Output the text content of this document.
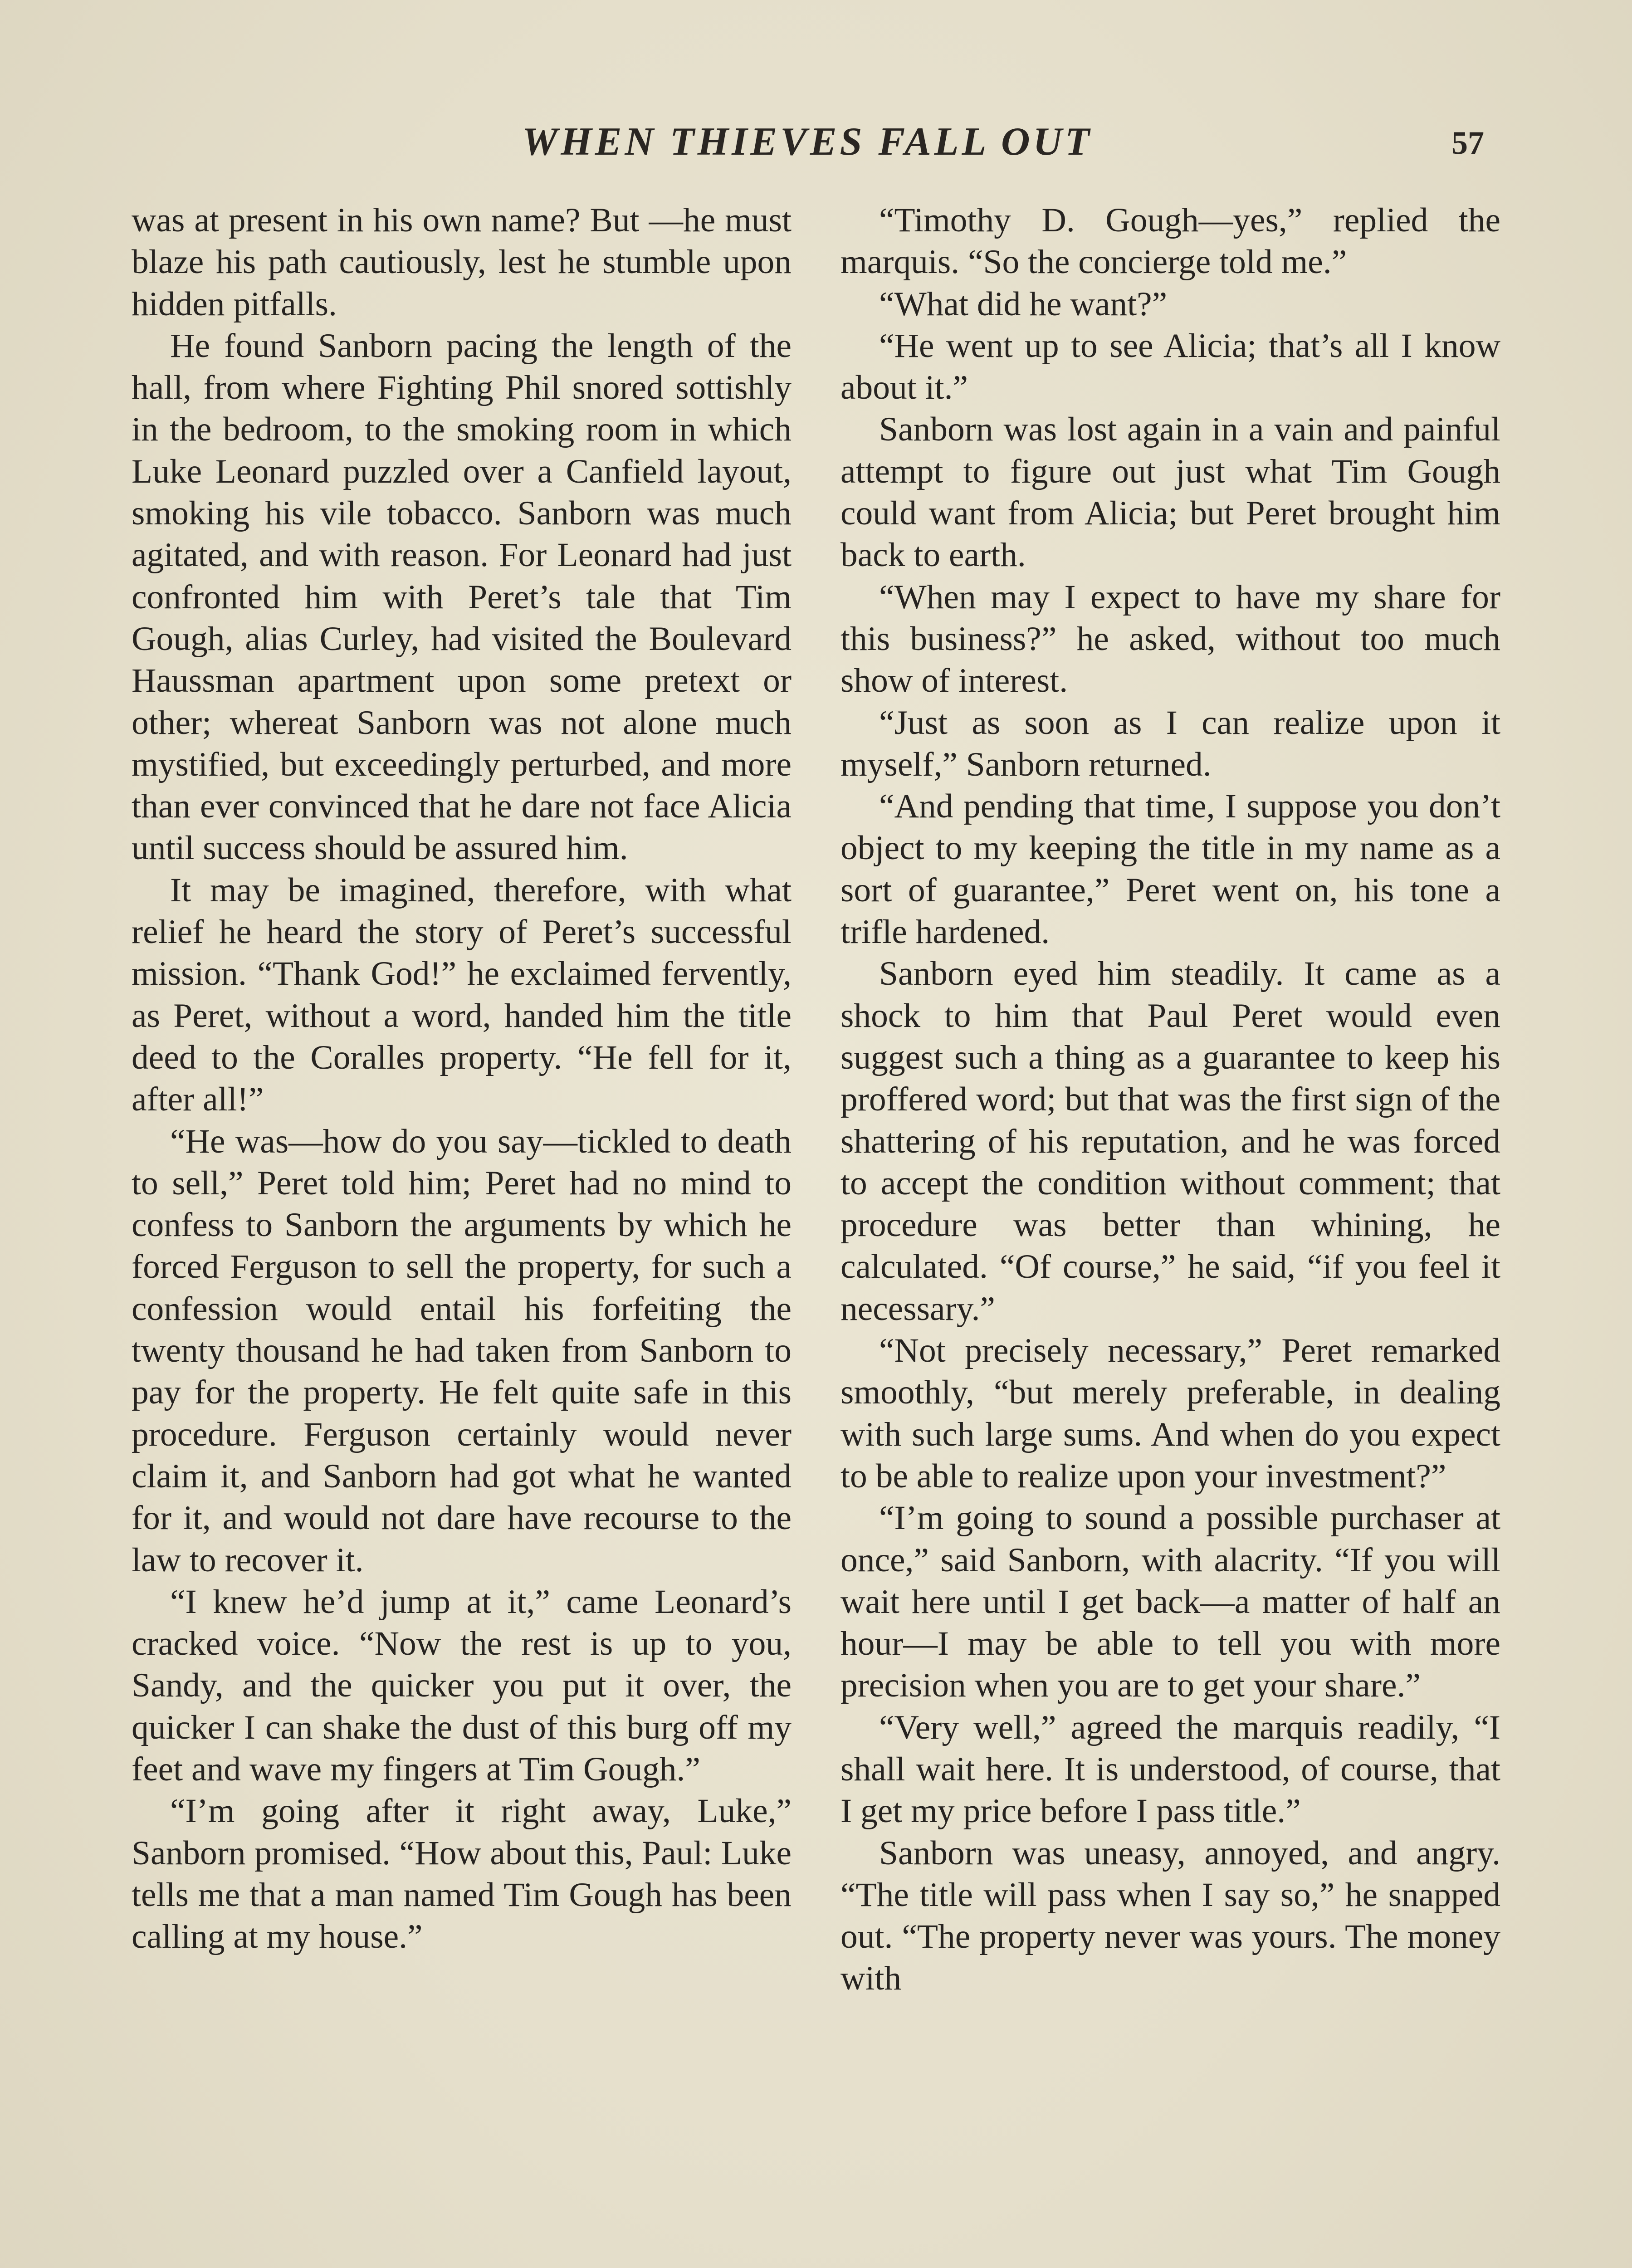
WHEN THIEVES FALL OUT	57

was at present in his own name? But —he must blaze his path cautiously, lest he stumble upon hidden pitfalls.

He found Sanborn pacing the length of the hall, from where Fighting Phil snored sottishly in the bedroom, to the smoking room in which Luke Leonard puzzled over a Canfield layout, smoking his vile tobacco. Sanborn was much agitated, and with reason. For Leonard had just confronted him with Peret’s tale that Tim Gough, alias Curley, had visited the Boulevard Haussman apartment upon some pretext or other; whereat Sanborn was not alone much mystified, but exceedingly perturbed, and more than ever convinced that he dare not face Alicia until success should be assured him.

It may be imagined, therefore, with what relief he heard the story of Peret’s successful mission. “Thank God!” he exclaimed fervently, as Peret, without a word, handed him the title deed to the Coralles property. “He fell for it, after all!”

“He was—how do you say—tickled to death to sell,” Peret told him; Peret had no mind to confess to Sanborn the arguments by which he forced Ferguson to sell the property, for such a confession would entail his forfeiting the twenty thousand he had taken from Sanborn to pay for the property. He felt quite safe in this procedure. Ferguson certainly would never claim it, and Sanborn had got what he wanted for it, and would not dare have recourse to the law to recover it.

“I knew he’d jump at it,” came Leonard’s cracked voice. “Now the rest is up to you, Sandy, and the quicker you put it over, the quicker I can shake the dust of this burg off my feet and wave my fingers at Tim Gough.”

“I’m going after it right away, Luke,” Sanborn promised. “How about this, Paul: Luke tells me that a man named Tim Gough has been calling at my house.”

“Timothy D. Gough—yes,” replied the marquis. “So the concierge told me.”

“What did he want?”

“He went up to see Alicia; that’s all I know about it.”

Sanborn was lost again in a vain and painful attempt to figure out just what Tim Gough could want from Alicia; but Peret brought him back to earth.

“When may I expect to have my share for this business?” he asked, without too much show of interest.

“Just as soon as I can realize upon it myself,” Sanborn returned.

“And pending that time, I suppose you don’t object to my keeping the title in my name as a sort of guarantee,” Peret went on, his tone a trifle hardened.

Sanborn eyed him steadily. It came as a shock to him that Paul Peret would even suggest such a thing as a guarantee to keep his proffered word; but that was the first sign of the shattering of his reputation, and he was forced to accept the condition without comment; that procedure was better than whining, he calculated. “Of course,” he said, “if you feel it necessary.”

“Not precisely necessary,” Peret remarked smoothly, “but merely preferable, in dealing with such large sums. And when do you expect to be able to realize upon your investment?”

“I’m going to sound a possible purchaser at once,” said Sanborn, with alacrity. “If you will wait here until I get back—a matter of half an hour—I may be able to tell you with more precision when you are to get your share.”

“Very well,” agreed the marquis readily, “I shall wait here. It is understood, of course, that I get my price before I pass title.”

Sanborn was uneasy, annoyed, and angry. “The title will pass when I say so,” he snapped out. “The property never was yours. The money with
